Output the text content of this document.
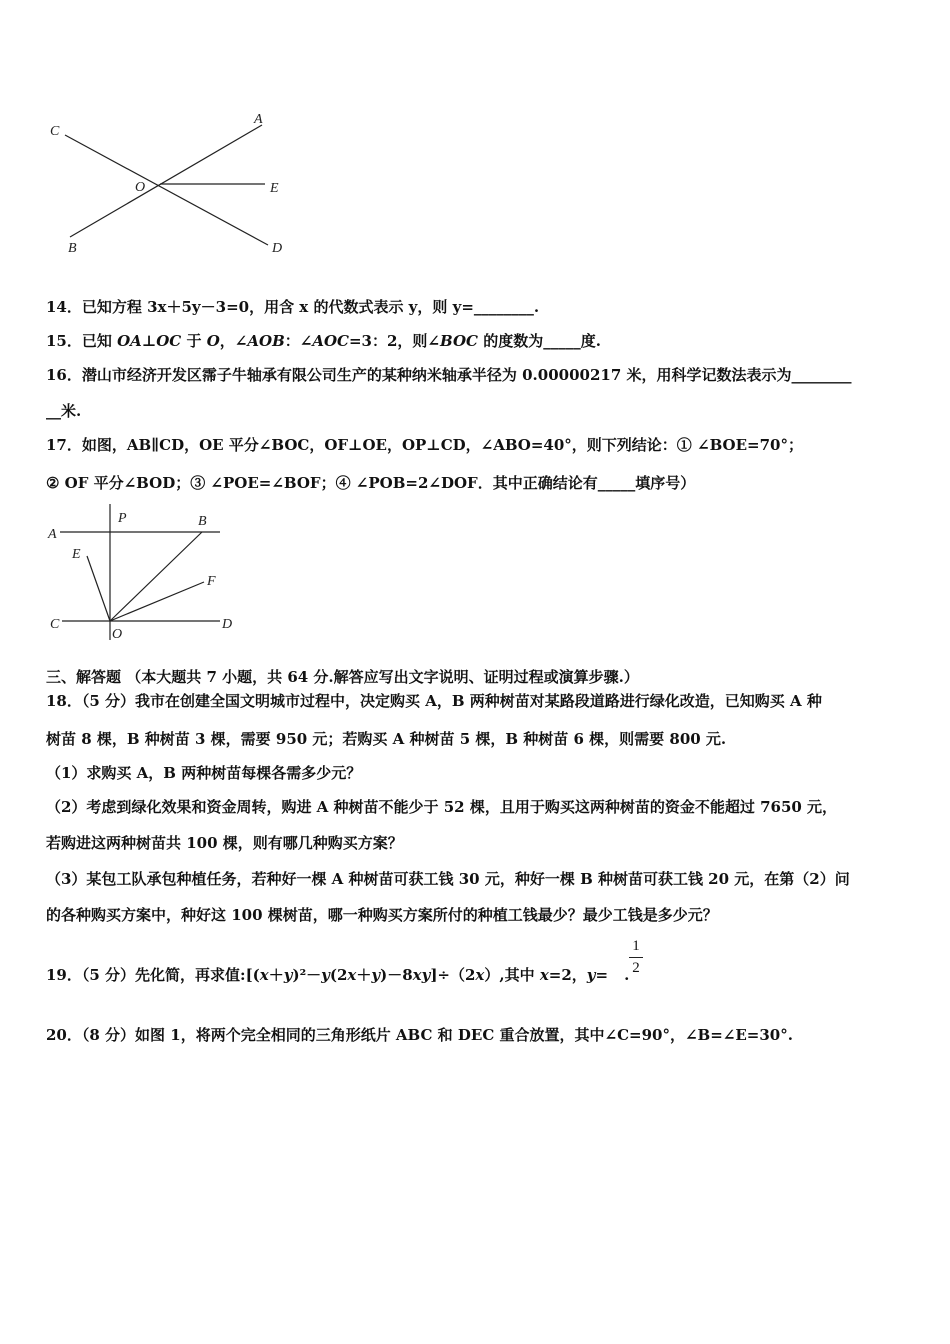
C
A
O	E
B	D
14．已知方程 3x＋5y－3=0，用含 x 的代数式表示 y，则 y=________.
15．已知 OA⊥OC 于 O，∠AOB：∠AOC=3：2，则∠BOC 的度数为_____度.
16．潜山市经济开发区霈子牛轴承有限公司生产的某种纳米轴承半径为 0.00000217 米，用科学记数法表示为________
__米.
17．如图，AB∥CD，OE 平分∠BOC，OF⊥OE，OP⊥CD，∠ABO=40°，则下列结论：① ∠BOE=70°；
② OF 平分∠BOD；③ ∠POE=∠BOF；④ ∠POB=2∠DOF．其中正确结论有_____填序号）
A
P	B
E
F
C
O
D
三、解答题 （本大题共 7 小题，共 64 分.解答应写出文字说明、证明过程或演算步骤.）
18．（5 分）我市在创建全国文明城市过程中，决定购买 A，B 两种树苗对某路段道路进行绿化改造，已知购买 A 种
树苗 8 棵，B 种树苗 3 棵，需要 950 元；若购买 A 种树苗 5 棵，B 种树苗 6 棵，则需要 800 元.
（1）求购买 A，B 两种树苗每棵各需多少元？
（2）考虑到绿化效果和资金周转，购进 A 种树苗不能少于 52 棵，且用于购买这两种树苗的资金不能超过 7650 元，
若购进这两种树苗共 100 棵，则有哪几种购买方案？
（3）某包工队承包种植任务，若种好一棵 A 种树苗可获工钱 30 元，种好一棵 B 种树苗可获工钱 20 元，在第（2）问
的各种购买方案中，种好这 100 棵树苗，哪一种购买方案所付的种植工钱最少？最少工钱是多少元？
19．（5 分）先化简，再求值:[(x＋y)²－y(2x＋y)－8xy]÷（2x）,其中 x=2，y= .
1
2
20．（8 分）如图 1，将两个完全相同的三角形纸片 ABC 和 DEC 重合放置，其中∠C=90°，∠B=∠E=30°.
